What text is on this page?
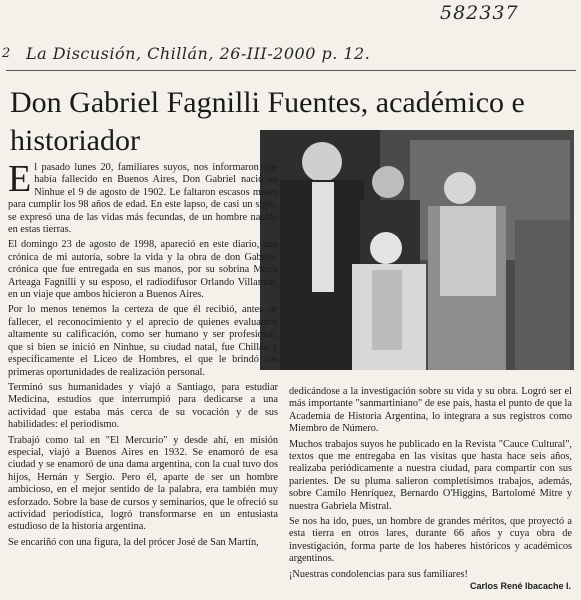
582337
2 La Discusión, Chillán, 26-III-2000 p. 12.
Don Gabriel Fagnilli Fuentes, académico e historiador

El pasado lunes 20, familiares suyos, nos informaron que había fallecido en Buenos Aires, Don Gabriel nació en Ninhue el 9 de agosto de 1902. Le faltaron escasos meses para cumplir los 98 años de edad. En este lapso, de casi un siglo, se expresó una de las vidas más fecundas, de un hombre nacido en estas tierras.

El domingo 23 de agosto de 1998, apareció en este diario, una crónica de mi autoría, sobre la vida y la obra de don Gabriel, crónica que fue entregada en sus manos, por su sobrina María Arteaga Fagnilli y su esposo, el radiodifusor Orlando Villamán, en un viaje que ambos hicieron a Buenos Aires.

Por lo menos tenemos la certeza de que él recibió, antes de fallecer, el reconocimiento y el aprecio de quienes evaluamos altamente su calificación, como ser humano y ser profesional, que si bien se inició en Ninhue, su ciudad natal, fue Chillán y específicamente el Liceo de Hombres, el que le brindó sus primeras oportunidades de realización personal.

Terminó sus humanidades y viajó a Santiago, para estudiar Medicina, estudios que interrumpió para dedicarse a una actividad que estaba más cerca de su vocación y de sus habilidades: el periodismo.

Trabajó como tal en "El Mercurio" y desde ahí, en misión especial, viajó a Buenos Aires en 1932. Se enamoró de esa ciudad y se enamoró de una dama argentina, con la cual tuvo dos hijos, Hernán y Sergio. Pero él, aparte de ser un hombre ambicioso, en el mejor sentido de la palabra, era también muy esforzado. Sobre la base de cursos y seminarios, que le ofreció su actividad periodística, logró transformarse en un entusiasta estudioso de la historia argentina.

Se encariñó con una figura, la del prócer José de San Martín,

dedicándose a la investigación sobre su vida y su obra. Logró ser el más importante "sanmartiniano" de ese país, hasta el punto de que la Academia de Historia Argentina, lo integrara a sus registros como Miembro de Número.

Muchos trabajos suyos he publicado en la Revista "Cauce Cultural", textos que me entregaba en las visitas que hasta hace seis años, realizaba periódicamente a nuestra ciudad, para compartir con sus parientes. De su pluma salieron completísimos trabajos, además, sobre Camilo Henríquez, Bernardo O'Higgins, Bartolomé Mitre y nuestra Gabriela Mistral.

Se nos ha ido, pues, un hombre de grandes méritos, que proyectó a esta tierra en otros lares, durante 66 años y cuya obra de investigación, forma parte de los haberes históricos y académicos argentinos.

¡Nuestras condolencias para sus familiares!

Carlos René Ibacache I.
